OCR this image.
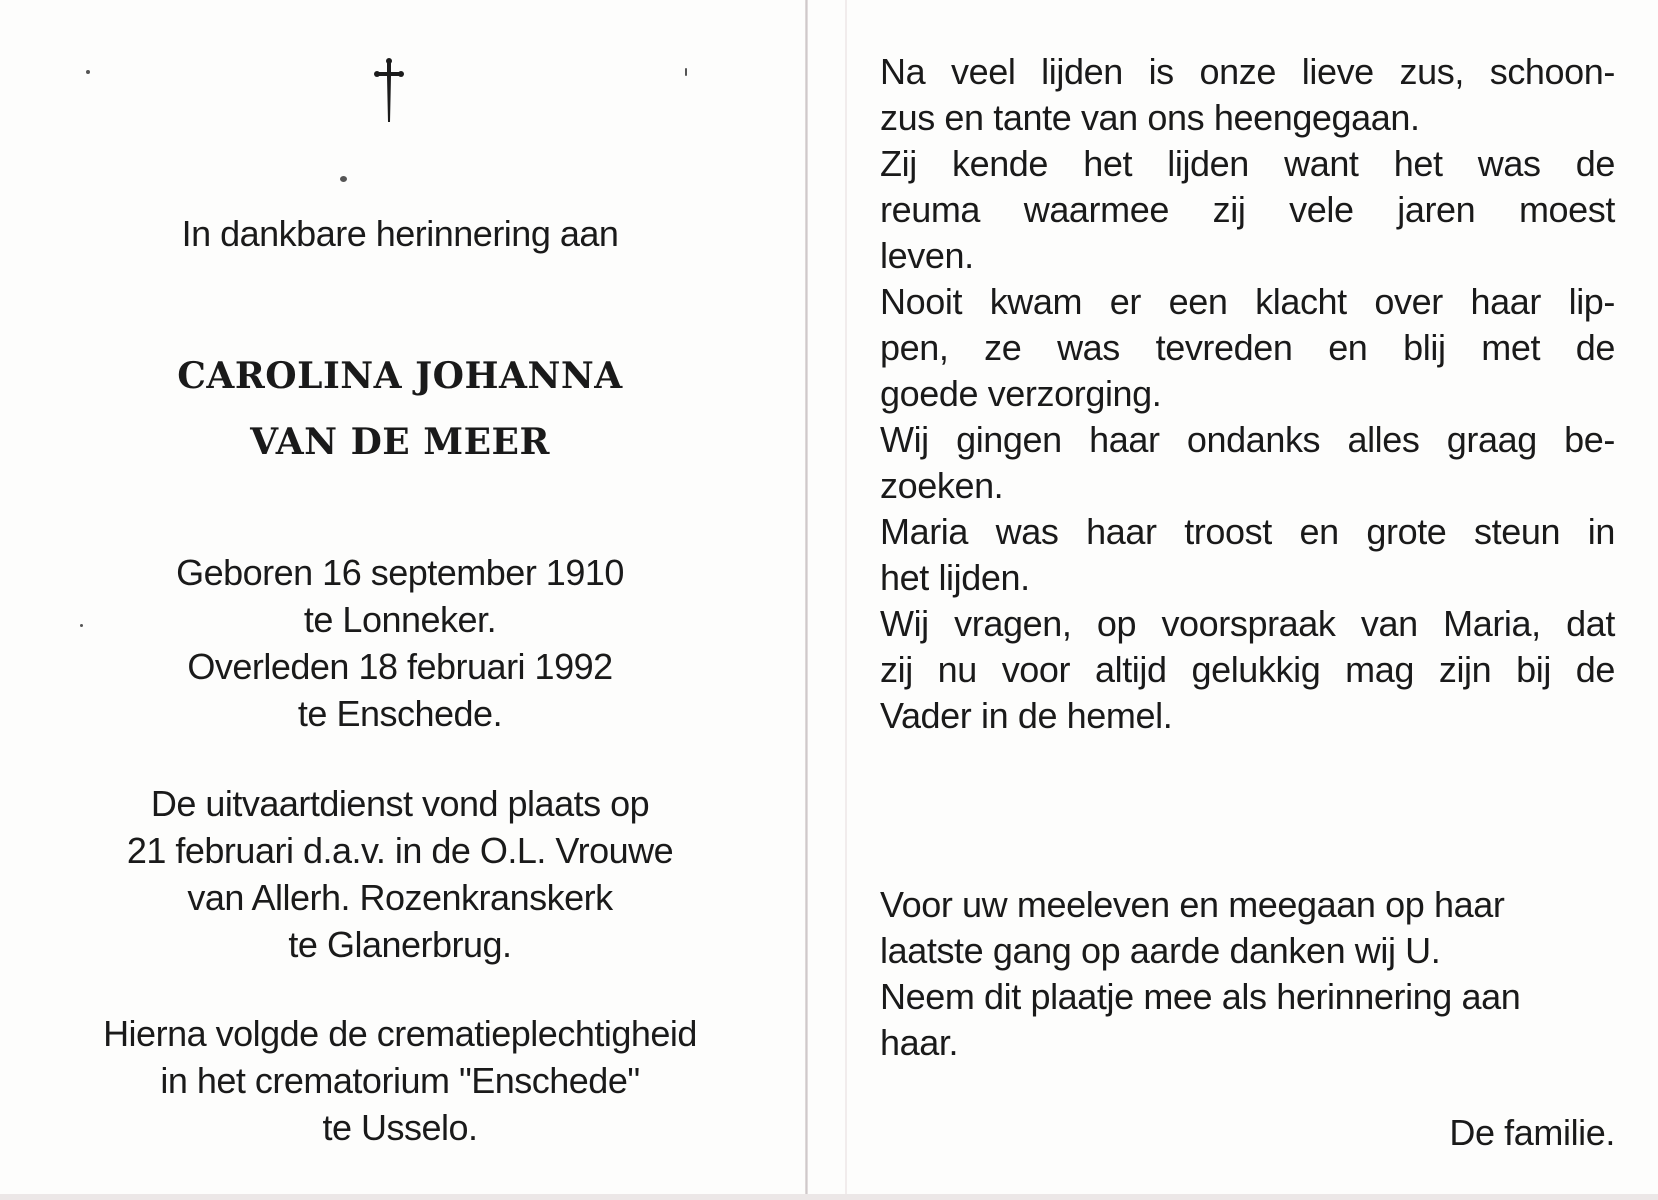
In dankbare herinnering aan
CAROLINA JOHANNA
VAN DE MEER
Geboren 16 september 1910
te Lonneker.
Overleden 18 februari 1992
te Enschede.
De uitvaartdienst vond plaats op
21 februari d.a.v. in de O.L. Vrouwe
van Allerh. Rozenkranskerk
te Glanerbrug.
Hierna volgde de crematieplechtigheid
in het crematorium "Enschede"
te Usselo.
Na veel lijden is onze lieve zus, schoon-
zus en tante van ons heengegaan.
Zij kende het lijden want het was de
reuma waarmee zij vele jaren moest
leven.
Nooit kwam er een klacht over haar lip-
pen, ze was tevreden en blij met de
goede verzorging.
Wij gingen haar ondanks alles graag be-
zoeken.
Maria was haar troost en grote steun in
het lijden.
Wij vragen, op voorspraak van Maria, dat
zij nu voor altijd gelukkig mag zijn bij de
Vader in de hemel.
Voor uw meeleven en meegaan op haar
laatste gang op aarde danken wij U.
Neem dit plaatje mee als herinnering aan
haar.
De familie.
